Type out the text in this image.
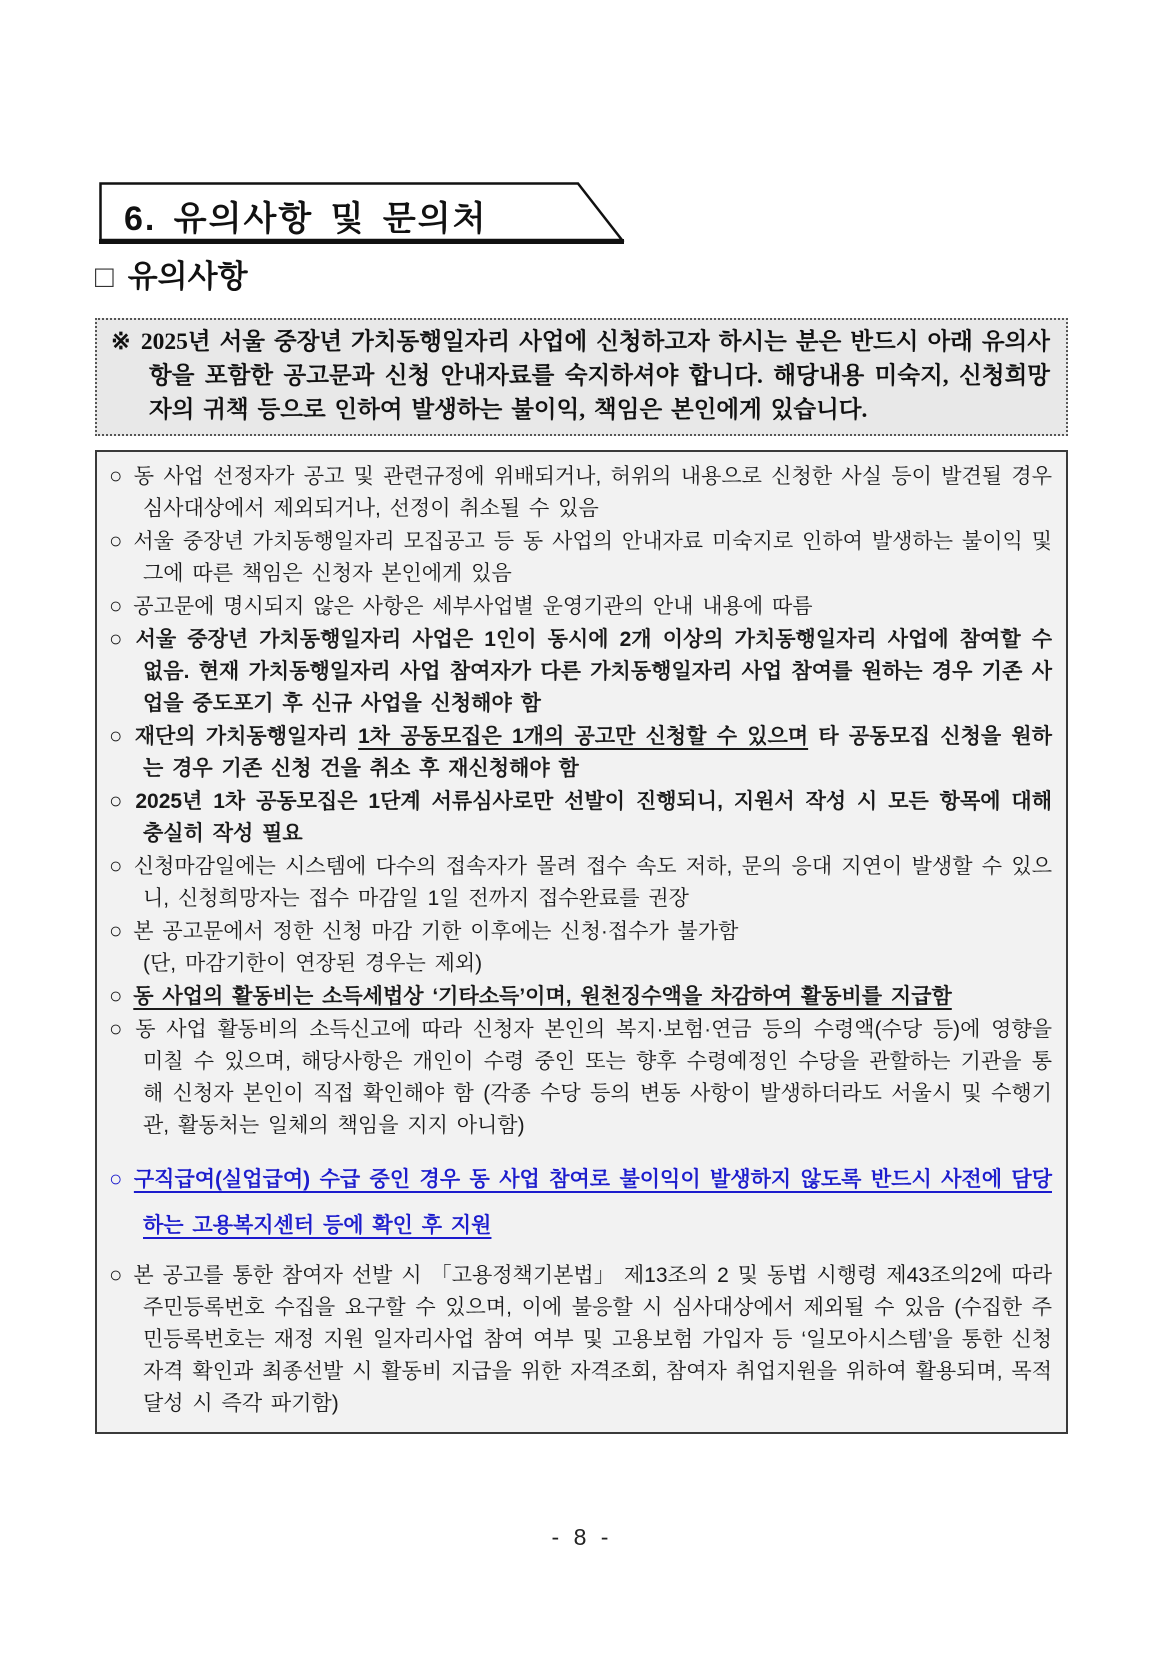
6. 유의사항 및 문의처
□ 유의사항
※ 2025년 서울 중장년 가치동행일자리 사업에 신청하고자 하시는 분은 반드시 아래 유의사항을 포함한 공고문과 신청 안내자료를 숙지하셔야 합니다. 해당내용 미숙지, 신청희망자의 귀책 등으로 인하여 발생하는 불이익, 책임은 본인에게 있습니다.
○ 동 사업 선정자가 공고 및 관련규정에 위배되거나, 허위의 내용으로 신청한 사실 등이 발견될 경우 심사대상에서 제외되거나, 선정이 취소될 수 있음
○ 서울 중장년 가치동행일자리 모집공고 등 동 사업의 안내자료 미숙지로 인하여 발생하는 불이익 및 그에 따른 책임은 신청자 본인에게 있음
○ 공고문에 명시되지 않은 사항은 세부사업별 운영기관의 안내 내용에 따름
○ 서울 중장년 가치동행일자리 사업은 1인이 동시에 2개 이상의 가치동행일자리 사업에 참여할 수 없음. 현재 가치동행일자리 사업 참여자가 다른 가치동행일자리 사업 참여를 원하는 경우 기존 사업을 중도포기 후 신규 사업을 신청해야 함
○ 재단의 가치동행일자리 1차 공동모집은 1개의 공고만 신청할 수 있으며 타 공동모집 신청을 원하는 경우 기존 신청 건을 취소 후 재신청해야 함
○ 2025년 1차 공동모집은 1단계 서류심사로만 선발이 진행되니, 지원서 작성 시 모든 항목에 대해 충실히 작성 필요
○ 신청마감일에는 시스템에 다수의 접속자가 몰려 접수 속도 저하, 문의 응대 지연이 발생할 수 있으니, 신청희망자는 접수 마감일 1일 전까지 접수완료를 권장
○ 본 공고문에서 정한 신청 마감 기한 이후에는 신청·접수가 불가함
(단, 마감기한이 연장된 경우는 제외)
○ 동 사업의 활동비는 소득세법상 ‘기타소득’이며, 원천징수액을 차감하여 활동비를 지급함
○ 동 사업 활동비의 소득신고에 따라 신청자 본인의 복지·보험·연금 등의 수령액(수당 등)에 영향을 미칠 수 있으며, 해당사항은 개인이 수령 중인 또는 향후 수령예정인 수당을 관할하는 기관을 통해 신청자 본인이 직접 확인해야 함 (각종 수당 등의 변동 사항이 발생하더라도 서울시 및 수행기관, 활동처는 일체의 책임을 지지 아니함)
○ 구직급여(실업급여) 수급 중인 경우 동 사업 참여로 불이익이 발생하지 않도록 반드시 사전에 담당하는 고용복지센터 등에 확인 후 지원
○ 본 공고를 통한 참여자 선발 시 「고용정책기본법」 제13조의 2 및 동법 시행령 제43조의2에 따라 주민등록번호 수집을 요구할 수 있으며, 이에 불응할 시 심사대상에서 제외될 수 있음 (수집한 주민등록번호는 재정 지원 일자리사업 참여 여부 및 고용보험 가입자 등 ‘일모아시스템’을 통한 신청자격 확인과 최종선발 시 활동비 지급을 위한 자격조회, 참여자 취업지원을 위하여 활용되며, 목적달성 시 즉각 파기함)
- 8 -
